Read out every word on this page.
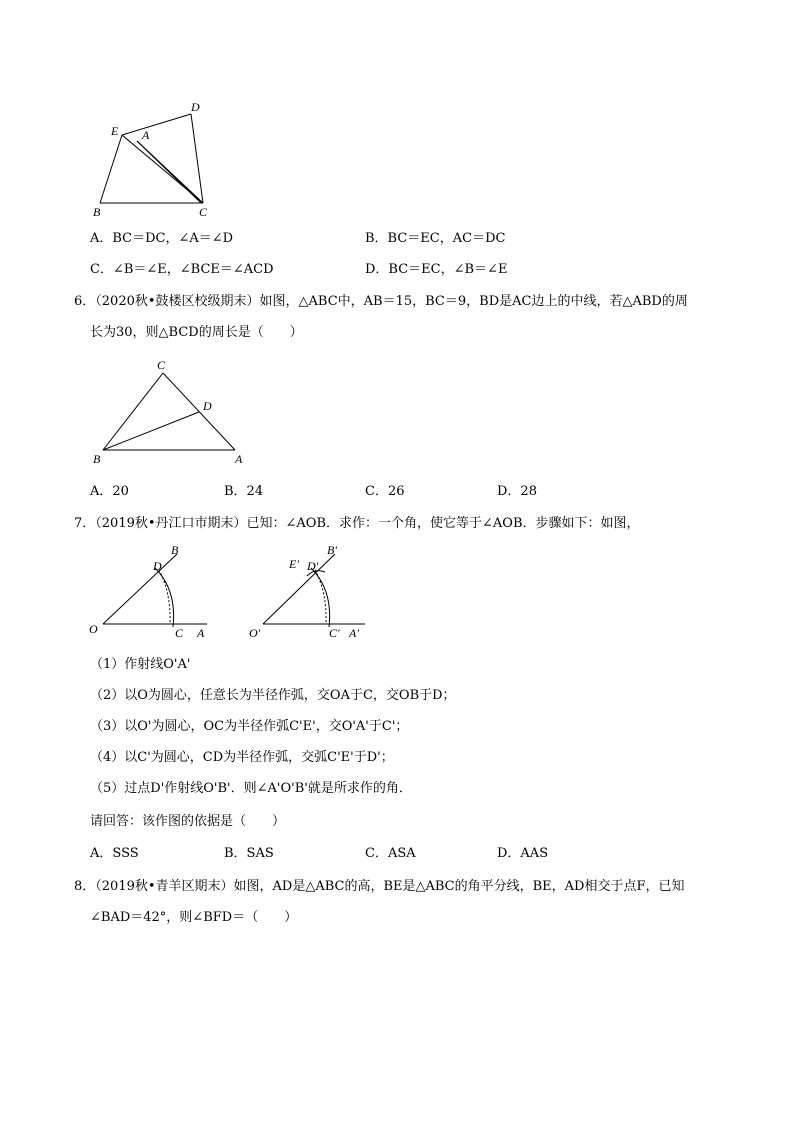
D
E A
B	C
A．BC＝DC，∠A＝∠D	B．BC＝EC，AC＝DC
C．∠B＝∠E，∠BCE＝∠ACD	D．BC＝EC，∠B＝∠E
6．（2020秋•鼓楼区校级期末）如图，△ABC中，AB＝15，BC＝9，BD是AC边上的中线，若△ABD的周
长为30，则△BCD的周长是（　　）
C
D
B	A
A．20	B．24	C．26	D．28
7．（2019秋•丹江口市期末）已知：∠AOB．求作：一个角，使它等于∠AOB．步骤如下：如图，
B
D
O	C A
B'
E' D'
O'	C' A'
（1）作射线O'A'
（2）以O为圆心，任意长为半径作弧，交OA于C，交OB于D；
（3）以O'为圆心，OC为半径作弧C'E'，交O'A'于C'；
（4）以C'为圆心，CD为半径作弧，交弧C'E'于D'；
（5）过点D'作射线O'B'．则∠A'O'B'就是所求作的角．
请回答：该作图的依据是（　　）
A．SSS	B．SAS	C．ASA	D．AAS
8．（2019秋•青羊区期末）如图，AD是△ABC的高，BE是△ABC的角平分线，BE，AD相交于点F，已知
∠BAD＝42°，则∠BFD＝（　　）
